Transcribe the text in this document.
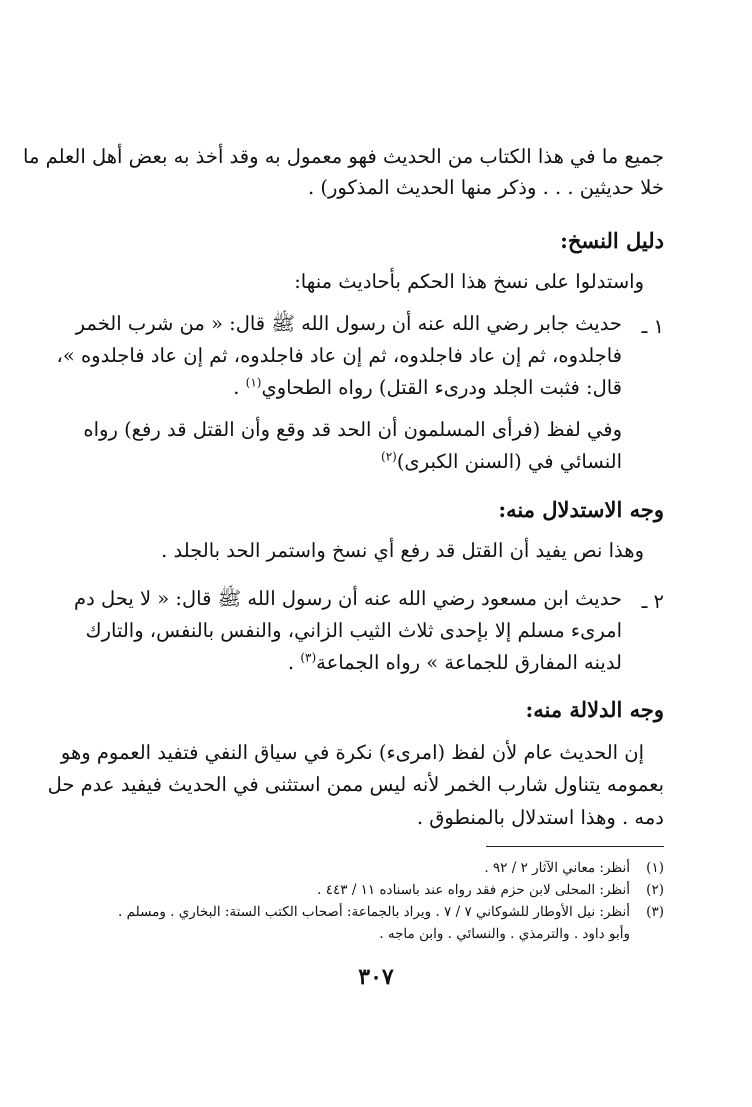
جميع ما في هذا الكتاب من الحديث فهو معمول به وقد أخذ به بعض أهل العلم ما

خلا حديثين . . . وذكر منها الحديث المذكور) .

دليل النسخ:

واستدلوا على نسخ هذا الحكم بأحاديث منها:

١ ـ

حديث جابر رضي الله عنه أن رسول الله ﷺ قال: « من شرب الخمر

فاجلدوه، ثم إن عاد فاجلدوه، ثم إن عاد فاجلدوه، ثم إن عاد فاجلدوه »،

قال: فثبت الجلد ودرىء القتل) رواه الطحاوي$^{(١)}$ .

وفي لفظ (فرأى المسلمون أن الحد قد وقع وأن القتل قد رفع) رواه

النسائي في (السنن الكبرى)$^{(٢)}$

وجه الاستدلال منه:

وهذا نص يفيد أن القتل قد رفع أي نسخ واستمر الحد بالجلد .

٢ ـ

حديث ابن مسعود رضي الله عنه أن رسول الله ﷺ قال: « لا يحل دم

امرىء مسلم إلا بإحدى ثلاث الثيب الزاني، والنفس بالنفس، والتارك

لدينه المفارق للجماعة » رواه الجماعة$^{(٣)}$ .

وجه الدلالة منه:

إن الحديث عام لأن لفظ (امرىء) نكرة في سياق النفي فتفيد العموم وهو

بعمومه يتناول شارب الخمر لأنه ليس ممن استثنى في الحديث فيفيد عدم حل

دمه . وهذا استدلال بالمنطوق .

(١)أنظر: معاني الآثار ٢ / ٩٢ .
(٢)أنظر: المحلى لابن حزم فقد رواه عند باسناده ١١ / ٤٤٣ .
(٣)أنظر: نيل الأوطار للشوكاني ٧ / ٧ . ويراد بالجماعة: أصحاب الكتب الستة: البخاري . ومسلم .
وأبو داود . والترمذي . والنسائي . وابن ماجه .
٣٠٧
